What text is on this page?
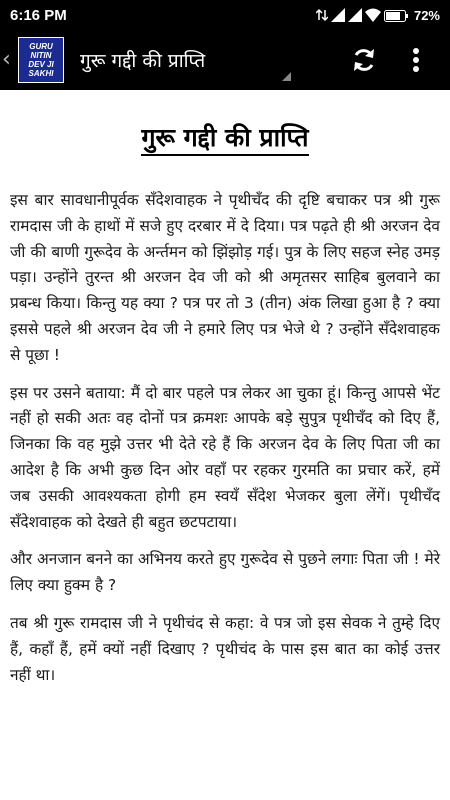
6:16 PM	72%
‹
GURU NITIN
DEV JI
SAKHI
गुरू गद्दी की प्राप्ति
गुरू गद्दी की प्राप्ति

इस बार सावधानीपूर्वक सँदेशवाहक ने पृथीचँद की दृष्टि बचाकर पत्र श्री गुरू रामदास जी के हाथों में सजे हुए दरबार में दे दिया। पत्र पढ़ते ही श्री अरजन देव जी की बाणी गुरूदेव के अर्न्तमन को झिंझोड़ गई। पुत्र के लिए सहज स्नेह उमड़ पड़ा। उन्होंने तुरन्त श्री अरजन देव जी को श्री अमृतसर साहिब बुलवाने का प्रबन्ध किया। किन्तु यह क्या ? पत्र पर तो 3 (तीन) अंक लिखा हुआ है ? क्या इससे पहले श्री अरजन देव जी ने हमारे लिए पत्र भेजे थे ? उन्होंने सँदेशवाहक से पूछा !

इस पर उसने बताया: मैं दो बार पहले पत्र लेकर आ चुका हूं। किन्तु आपसे भेंट नहीं हो सकी अतः वह दोनों पत्र क्रमशः आपके बड़े सुपुत्र पृथीचँद को दिए हैं, जिनका कि वह मुझे उत्तर भी देते रहे हैं कि अरजन देव के लिए पिता जी का आदेश है कि अभी कुछ दिन ओर वहाँ पर रहकर गुरमति का प्रचार करें, हमें जब उसकी आवश्यकता होगी हम स्वयँ सँदेश भेजकर बुला लेंगें। पृथीचँद सँदेशवाहक को देखते ही बहुत छटपटाया।

और अनजान बनने का अभिनय करते हुए गुरूदेव से पुछने लगाः पिता जी ! मेरे लिए क्या हुक्म है ?

तब श्री गुरू रामदास जी ने पृथीचंद से कहा: वे पत्र जो इस सेवक ने तुम्हे दिए हैं, कहाँ हैं, हमें क्यों नहीं दिखाए ? पृथीचंद के पास इस बात का कोई उत्तर नहीं था।
